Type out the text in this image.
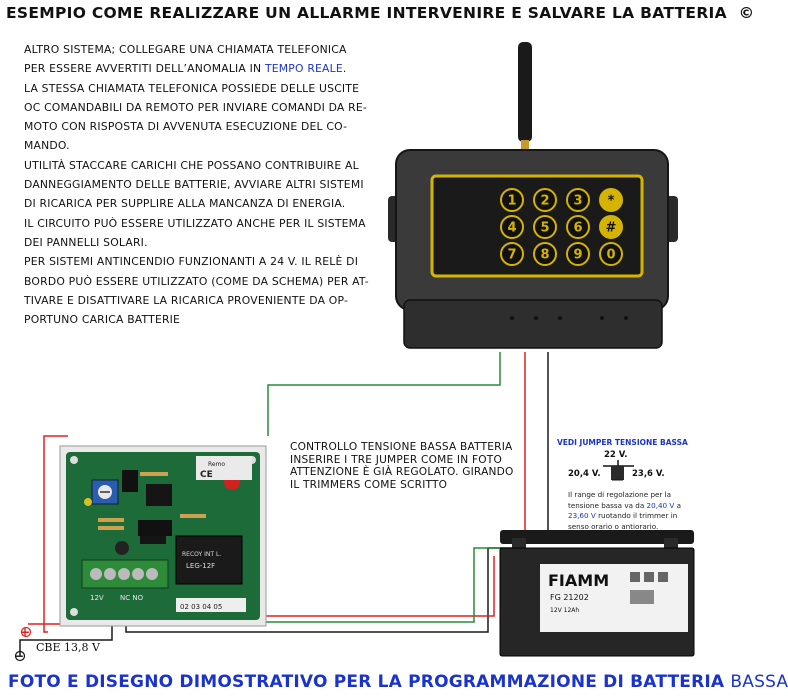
ESEMPIO COME REALIZZARE UN ALLARME INTERVENIRE E SALVARE LA BATTERIA ©
ALTRO SISTEMA; COLLEGARE UNA CHIAMATA TELEFONICA
PER ESSERE AVVERTITI DELL’ANOMALIA IN TEMPO REALE.
LA STESSA CHIAMATA TELEFONICA POSSIEDE DELLE USCITE
OC COMANDABILI DA REMOTO PER INVIARE COMANDI DA RE-
MOTO CON RISPOSTA DI AVVENUTA ESECUZIONE DEL CO-
MANDO.
UTILITÀ STACCARE CARICHI CHE POSSANO CONTRIBUIRE AL
DANNEGGIAMENTO DELLE BATTERIE, AVVIARE ALTRI SISTEMI
DI RICARICA PER SUPPLIRE ALLA MANCANZA DI ENERGIA.
IL CIRCUITO PUÒ ESSERE UTILIZZATO ANCHE PER IL SISTEMA
DEI PANNELLI SOLARI.
PER SISTEMI ANTINCENDIO FUNZIONANTI A 24 V. IL RELÈ DI
BORDO PUÒ ESSERE UTILIZZATO (COME DA SCHEMA) PER AT-
TIVARE E DISATTIVARE LA RICARICA PROVENIENTE DA OP-
PORTUNO CARICA BATTERIE
1 2 3 *
4 5 6 #
7 8 9 0
Remo
CE
RECOY INT L.
LEG-12F
12V NC NO
02 03 04 05
FIAMM
FG 21202
12V 12Ah
+
−
CONTROLLO TENSIONE BASSA BATTERIA
INSERIRE I TRE JUMPER COME IN FOTO
ATTENZIONE È GIÀ REGOLATO. GIRANDO
IL TRIMMERS COME SCRITTO
VEDI JUMPER TENSIONE BASSA
22 V.
20,4 V.	23,6 V.
Il range di regolazione per la tensione bassa va da 20,40 V a 23,60 V ruotando il trimmer in senso orario o antiorario.
CBE 13,8 V
FOTO E DISEGNO DIMOSTRATIVO PER LA PROGRAMMAZIONE DI BATTERIA BASSA
